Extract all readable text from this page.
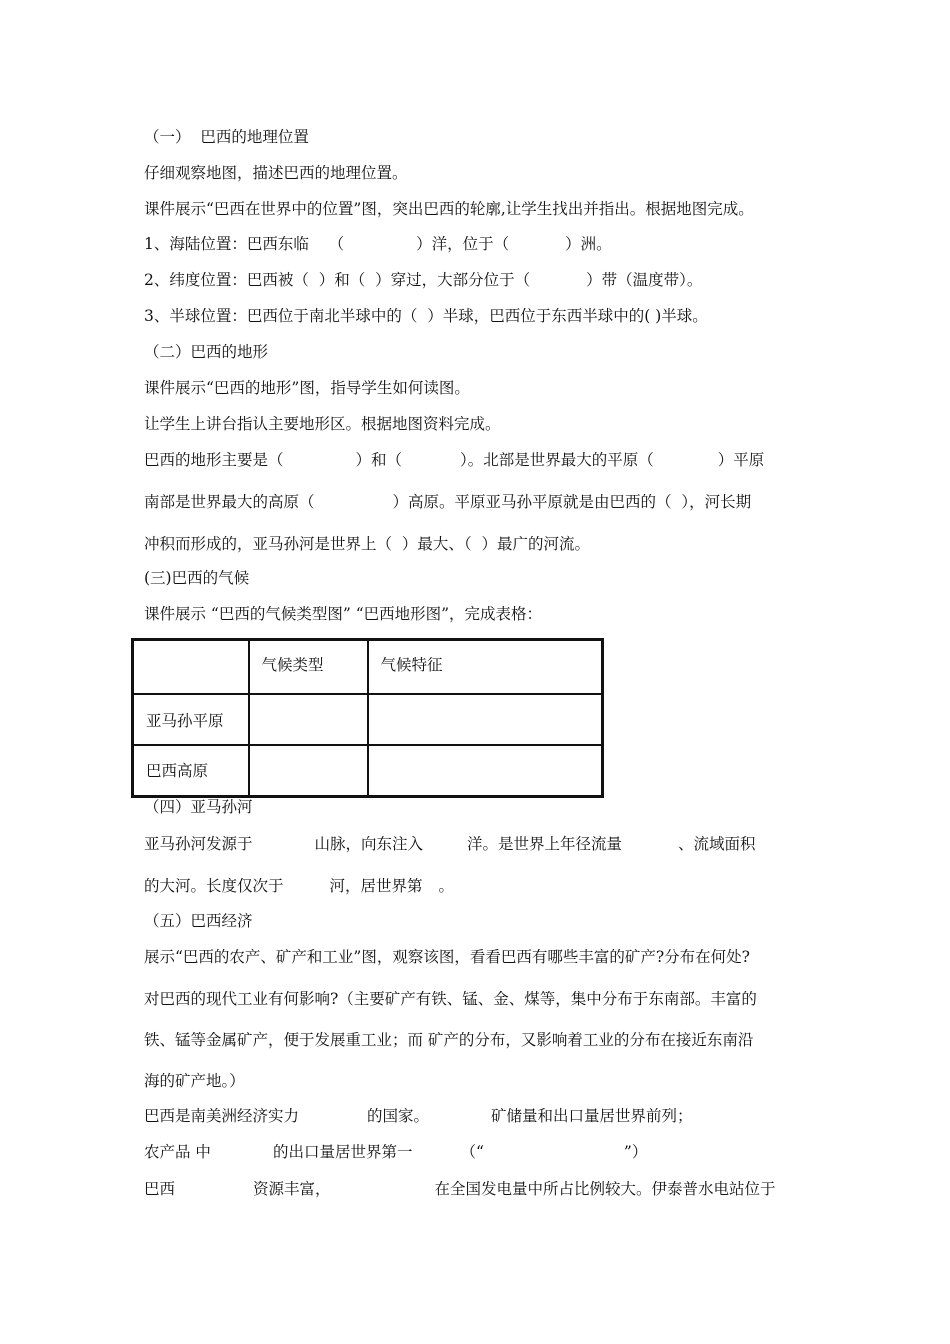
（一）  巴西的地理位置

仔细观察地图，描述巴西的地理位置。

课件展示“巴西在世界中的位置”图，突出巴西的轮廓,让学生找出并指出。根据地图完成。

1、海陆位置：巴西东临    （	）洋，位于（	）洲。

2、纬度位置：巴西被（  ）和（  ）穿过，大部分位于（	）带（温度带）。

3、半球位置：巴西位于南北半球中的（  ）半球，巴西位于东西半球中的( )半球。

（二）巴西的地形

课件展示“巴西的地形”图，指导学生如何读图。

让学生上讲台指认主要地形区。根据地图资料完成。

巴西的地形主要是（	）和（	）。北部是世界最大的平原（	）平原

南部是世界最大的高原（	）高原。平原亚马孙平原就是由巴西的（  ），河长期

冲积而形成的，亚马孙河是世界上（  ）最大、（  ）最广的河流。

(三)巴西的气候

课件展示 “巴西的气候类型图” “巴西地形图”，完成表格：

	气候类型	气候特征
亚马孙平原		
巴西高原		

（四）亚马孙河

亚马孙河发源于	山脉，向东注入	洋。是世界上年径流量	、流域面积

的大河。长度仅次于	河，居世界第 。

（五）巴西经济

展示“巴西的农产、矿产和工业”图，观察该图，看看巴西有哪些丰富的矿产?分布在何处?

对巴西的现代工业有何影响?（主要矿产有铁、锰、金、煤等，集中分布于东南部。丰富的

铁、锰等金属矿产，便于发展重工业；而 矿产的分布，又影响着工业的分布在接近东南沿

海的矿产地。）

巴西是南美洲经济实力	的国家。	矿储量和出口量居世界前列；

农产品 中	的出口量居世界第一	（“	”）

巴西	资源丰富，	在全国发电量中所占比例较大。伊泰普水电站位于
